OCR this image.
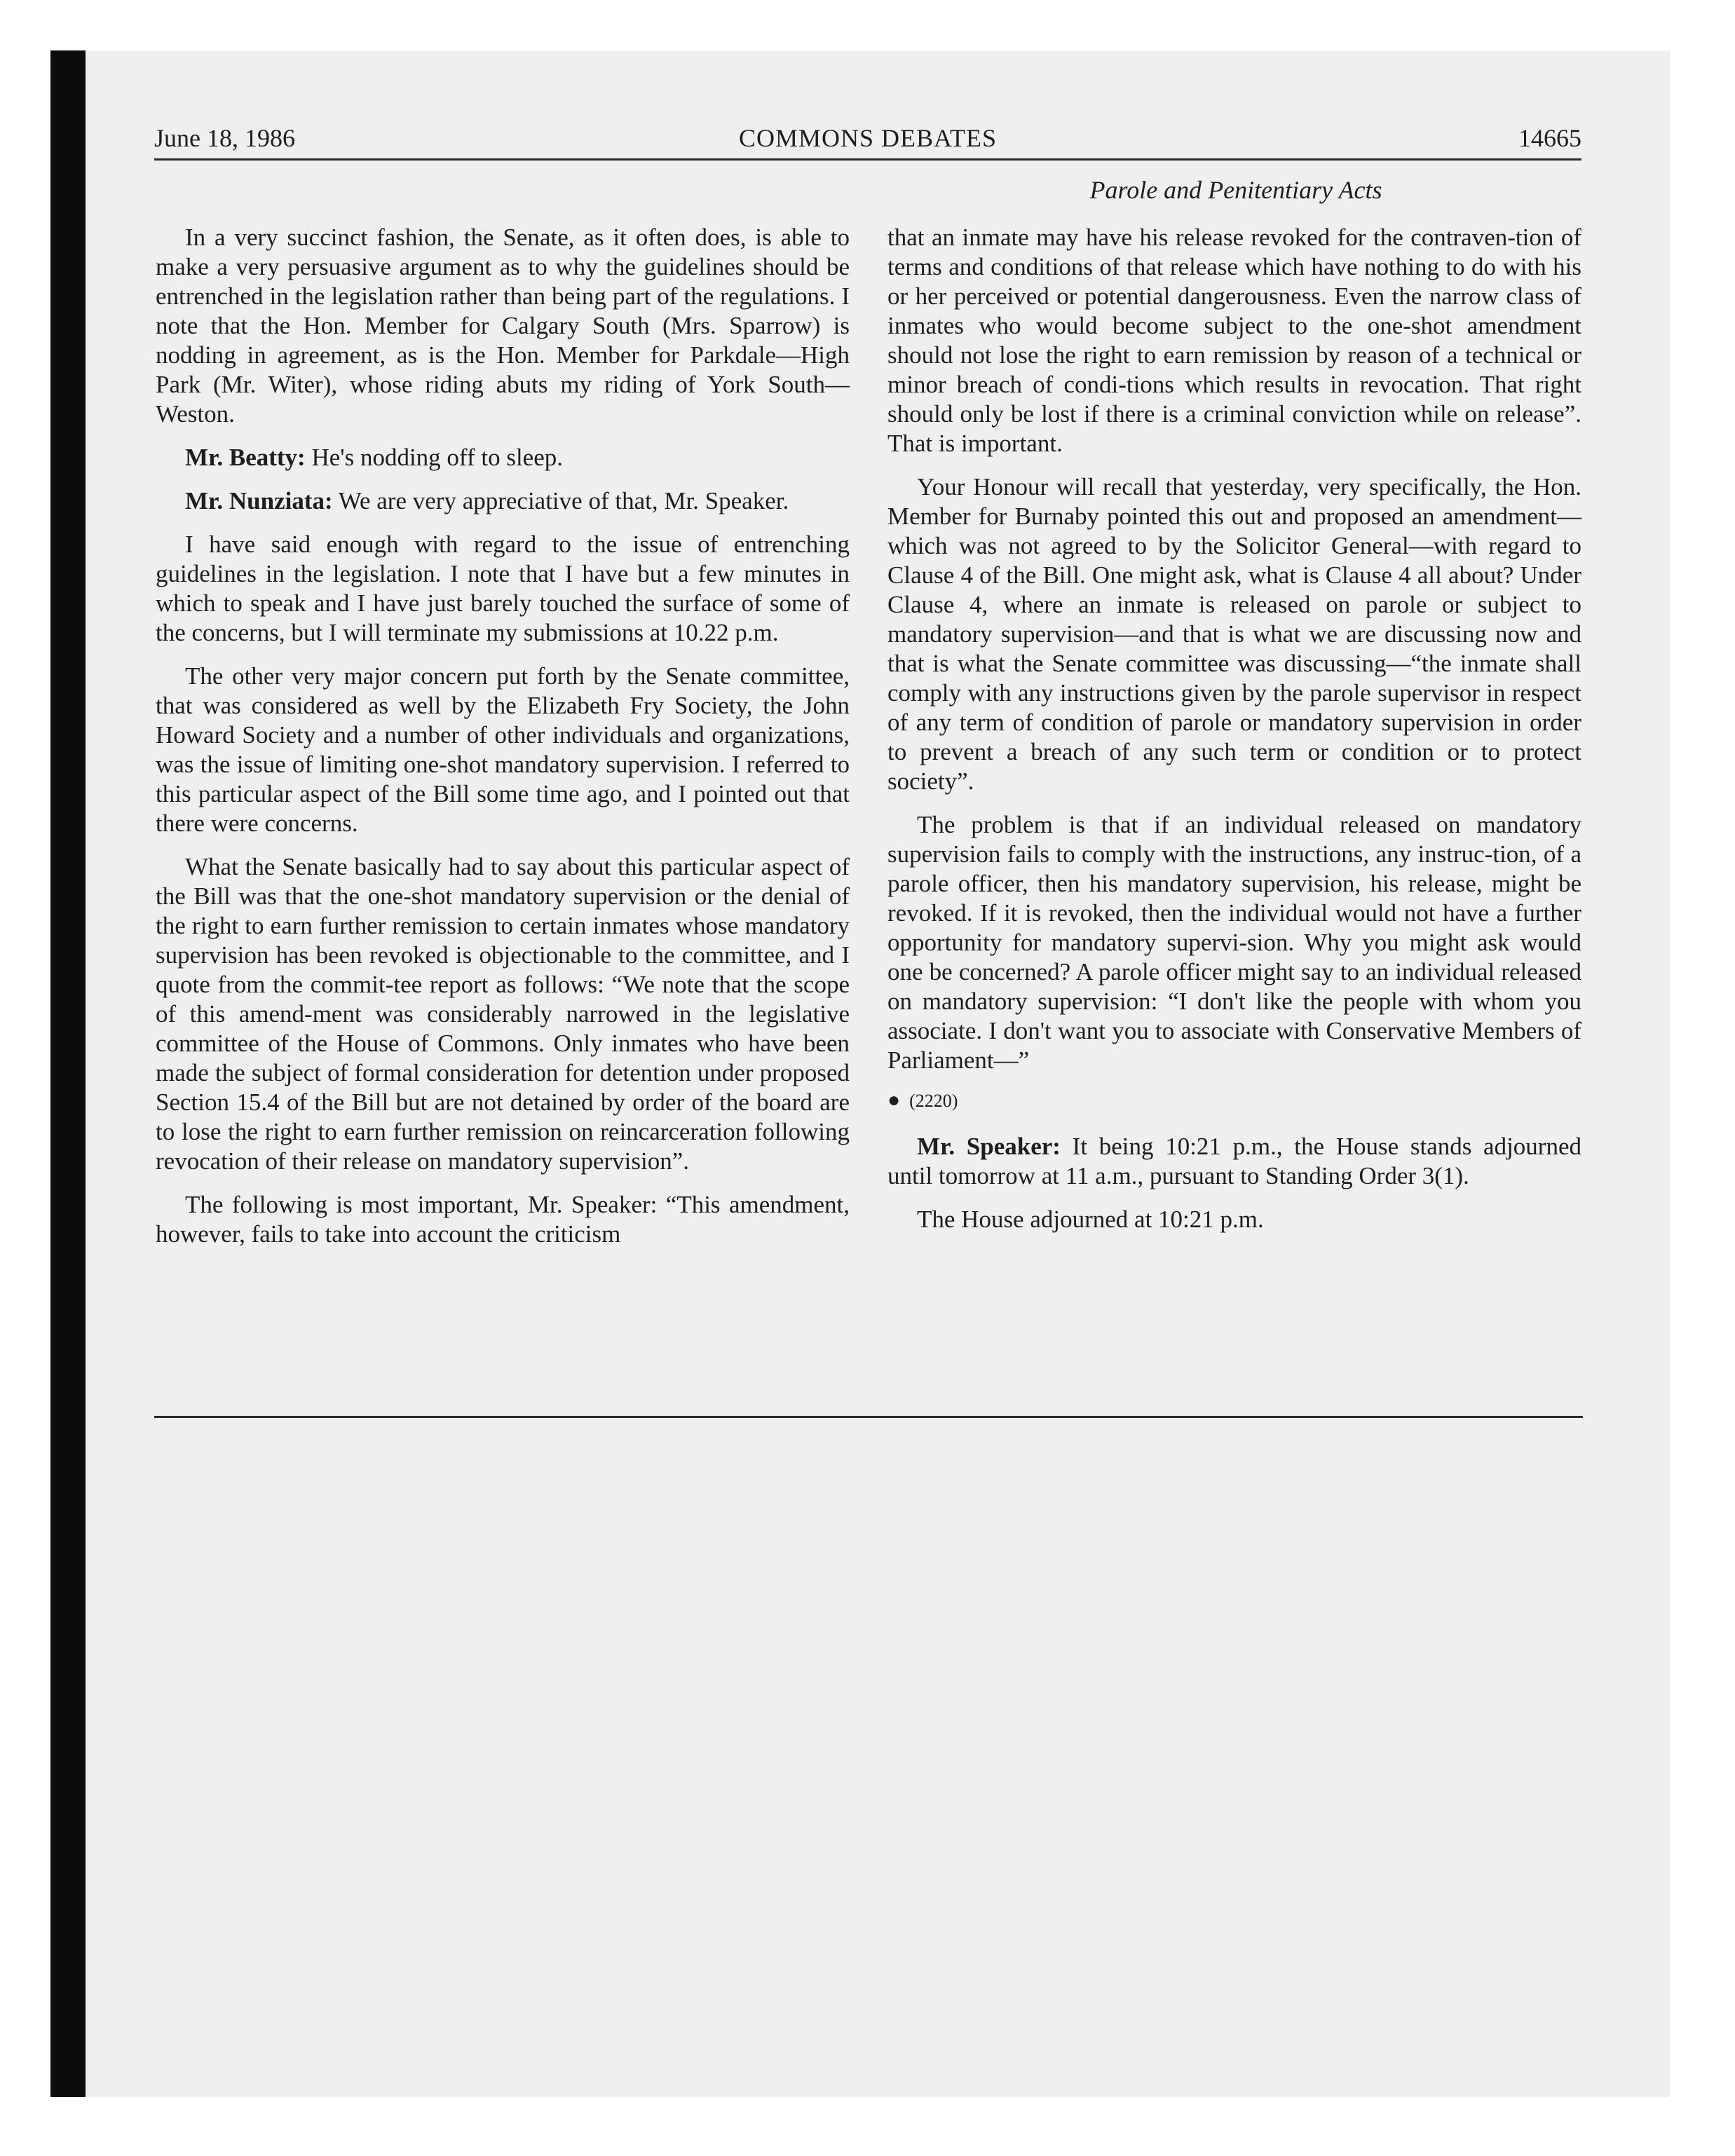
June 18, 1986	COMMONS DEBATES	14665
Parole and Penitentiary Acts

In a very succinct fashion, the Senate, as it often does, is able to make a very persuasive argument as to why the guidelines should be entrenched in the legislation rather than being part of the regulations. I note that the Hon. Member for Calgary South (Mrs. Sparrow) is nodding in agreement, as is the Hon. Member for Parkdale—High Park (Mr. Witer), whose riding abuts my riding of York South—Weston.

Mr. Beatty: He's nodding off to sleep.

Mr. Nunziata: We are very appreciative of that, Mr. Speaker.

I have said enough with regard to the issue of entrenching guidelines in the legislation. I note that I have but a few minutes in which to speak and I have just barely touched the surface of some of the concerns, but I will terminate my submissions at 10.22 p.m.

The other very major concern put forth by the Senate committee, that was considered as well by the Elizabeth Fry Society, the John Howard Society and a number of other individuals and organizations, was the issue of limiting one-shot mandatory supervision. I referred to this particular aspect of the Bill some time ago, and I pointed out that there were concerns.

What the Senate basically had to say about this particular aspect of the Bill was that the one-shot mandatory supervision or the denial of the right to earn further remission to certain inmates whose mandatory supervision has been revoked is objectionable to the committee, and I quote from the commit-tee report as follows: “We note that the scope of this amend-ment was considerably narrowed in the legislative committee of the House of Commons. Only inmates who have been made the subject of formal consideration for detention under proposed Section 15.4 of the Bill but are not detained by order of the board are to lose the right to earn further remission on reincarceration following revocation of their release on mandatory supervision”.

The following is most important, Mr. Speaker: “This amendment, however, fails to take into account the criticism

that an inmate may have his release revoked for the contraven-tion of terms and conditions of that release which have nothing to do with his or her perceived or potential dangerousness. Even the narrow class of inmates who would become subject to the one-shot amendment should not lose the right to earn remission by reason of a technical or minor breach of condi-tions which results in revocation. That right should only be lost if there is a criminal conviction while on release”. That is important.

Your Honour will recall that yesterday, very specifically, the Hon. Member for Burnaby pointed this out and proposed an amendment—which was not agreed to by the Solicitor General—with regard to Clause 4 of the Bill. One might ask, what is Clause 4 all about? Under Clause 4, where an inmate is released on parole or subject to mandatory supervision—and that is what we are discussing now and that is what the Senate committee was discussing—“the inmate shall comply with any instructions given by the parole supervisor in respect of any term of condition of parole or mandatory supervision in order to prevent a breach of any such term or condition or to protect society”.

The problem is that if an individual released on mandatory supervision fails to comply with the instructions, any instruc-tion, of a parole officer, then his mandatory supervision, his release, might be revoked. If it is revoked, then the individual would not have a further opportunity for mandatory supervi-sion. Why you might ask would one be concerned? A parole officer might say to an individual released on mandatory supervision: “I don't like the people with whom you associate. I don't want you to associate with Conservative Members of Parliament—”

● (2220)

Mr. Speaker: It being 10:21 p.m., the House stands adjourned until tomorrow at 11 a.m., pursuant to Standing Order 3(1).

The House adjourned at 10:21 p.m.
